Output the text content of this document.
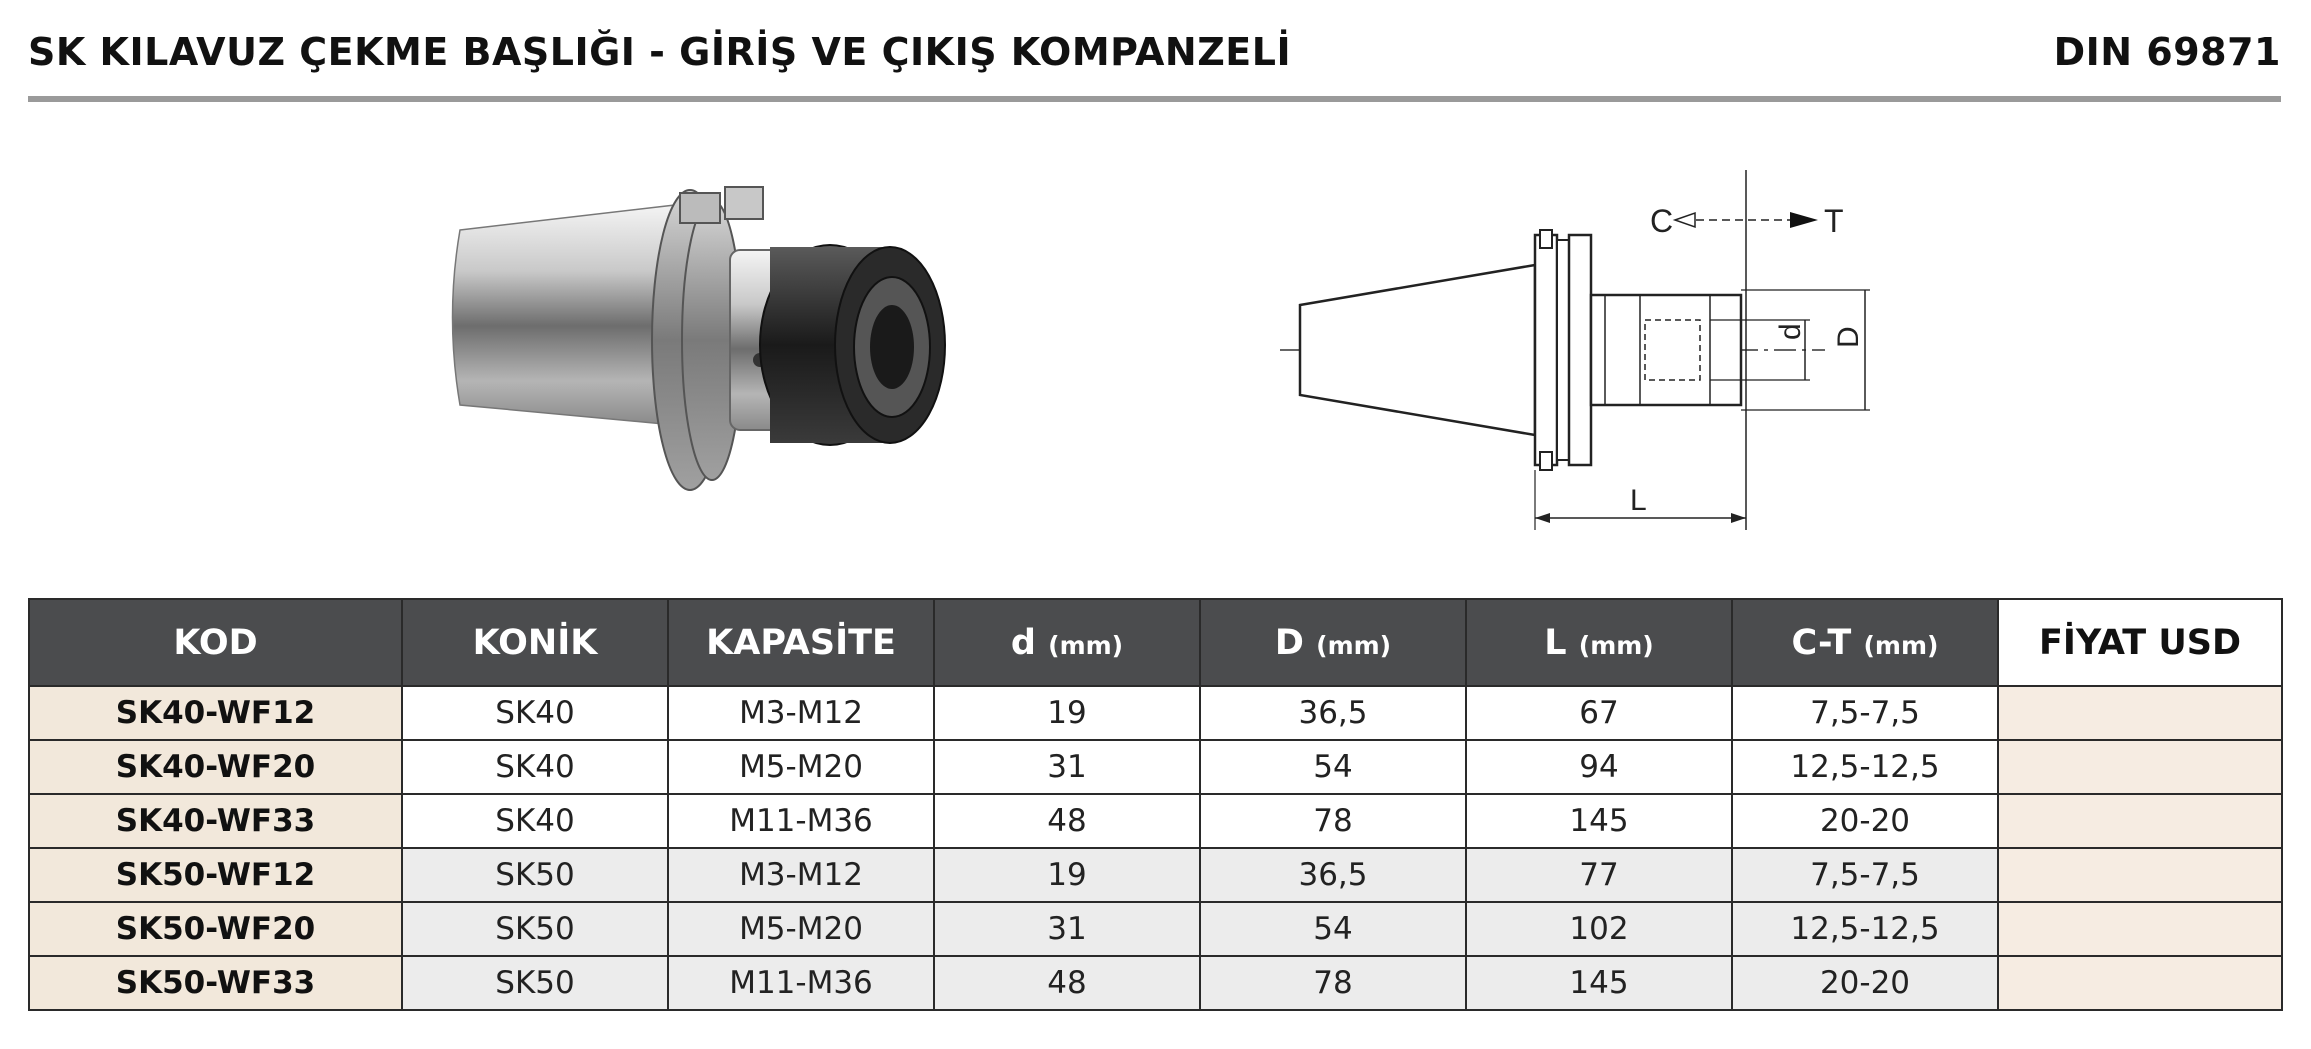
SK KILAVUZ ÇEKME BAŞLIĞI - GİRİŞ VE ÇIKIŞ KOMPANZELİ	DIN 69871
C	T
d D
L
KOD	KONİK	KAPASİTE	d (mm)	D (mm)	L (mm)	C-T (mm)	FİYAT USD
SK40-WF12	SK40	M3-M12	19	36,5	67	7,5-7,5	
SK40-WF20	SK40	M5-M20	31	54	94	12,5-12,5	
SK40-WF33	SK40	M11-M36	48	78	145	20-20	
SK50-WF12	SK50	M3-M12	19	36,5	77	7,5-7,5	
SK50-WF20	SK50	M5-M20	31	54	102	12,5-12,5	
SK50-WF33	SK50	M11-M36	48	78	145	20-20	
